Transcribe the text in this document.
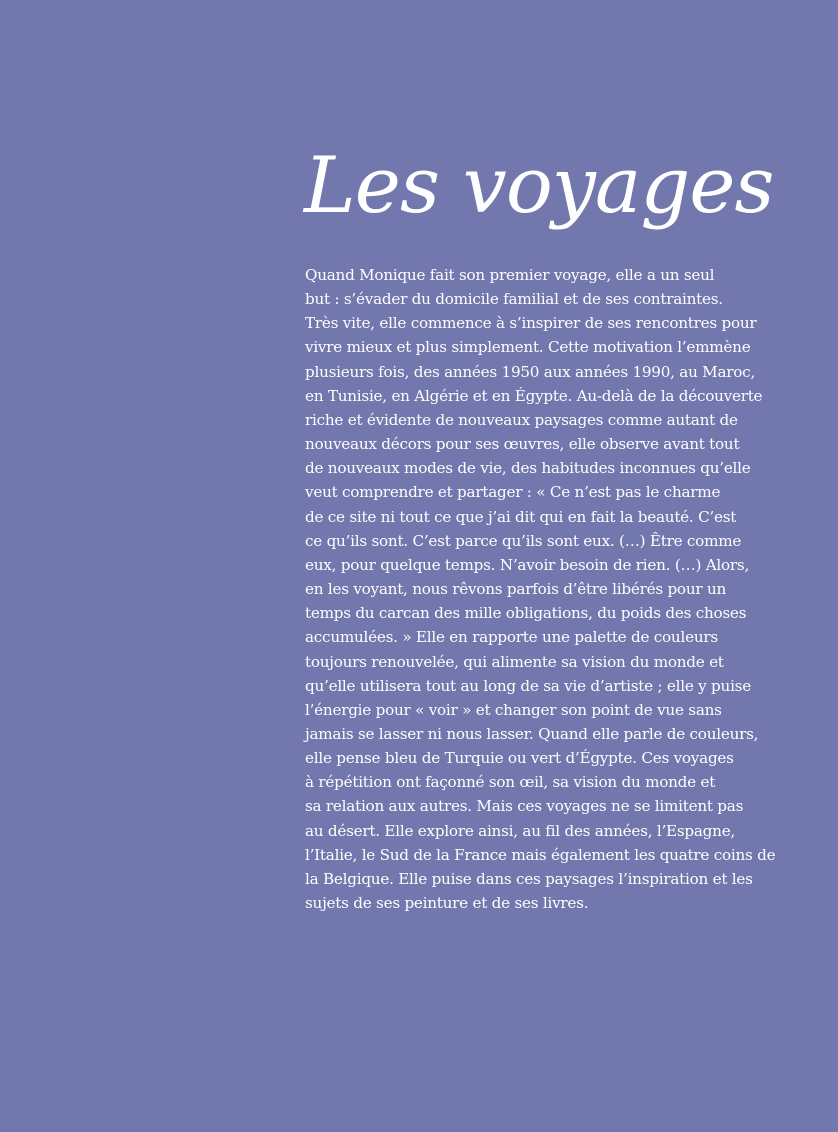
Les voyages

Quand Monique fait son premier voyage, elle a un seul
but : s’évader du domicile familial et de ses contraintes.
Très vite, elle commence à s’inspirer de ses rencontres pour
vivre mieux et plus simplement. Cette motivation l’emmène
plusieurs fois, des années 1950 aux années 1990, au Maroc,
en Tunisie, en Algérie et en Égypte. Au-delà de la découverte
riche et évidente de nouveaux paysages comme autant de
nouveaux décors pour ses œuvres, elle observe avant tout
de nouveaux modes de vie, des habitudes inconnues qu’elle
veut comprendre et partager : « Ce n’est pas le charme
de ce site ni tout ce que j’ai dit qui en fait la beauté. C’est
ce qu’ils sont. C’est parce qu’ils sont eux. (…) Être comme
eux, pour quelque temps. N’avoir besoin de rien. (…) Alors,
en les voyant, nous rêvons parfois d’être libérés pour un
temps du carcan des mille obligations, du poids des choses
accumulées. » Elle en rapporte une palette de couleurs
toujours renouvelée, qui alimente sa vision du monde et
qu’elle utilisera tout au long de sa vie d’artiste ; elle y puise
l’énergie pour « voir » et changer son point de vue sans
jamais se lasser ni nous lasser. Quand elle parle de couleurs,
elle pense bleu de Turquie ou vert d’Égypte. Ces voyages
à répétition ont façonné son œil, sa vision du monde et
sa relation aux autres. Mais ces voyages ne se limitent pas
au désert. Elle explore ainsi, au fil des années, l’Espagne,
l’Italie, le Sud de la France mais également les quatre coins de
la Belgique. Elle puise dans ces paysages l’inspiration et les
sujets de ses peinture et de ses livres.
